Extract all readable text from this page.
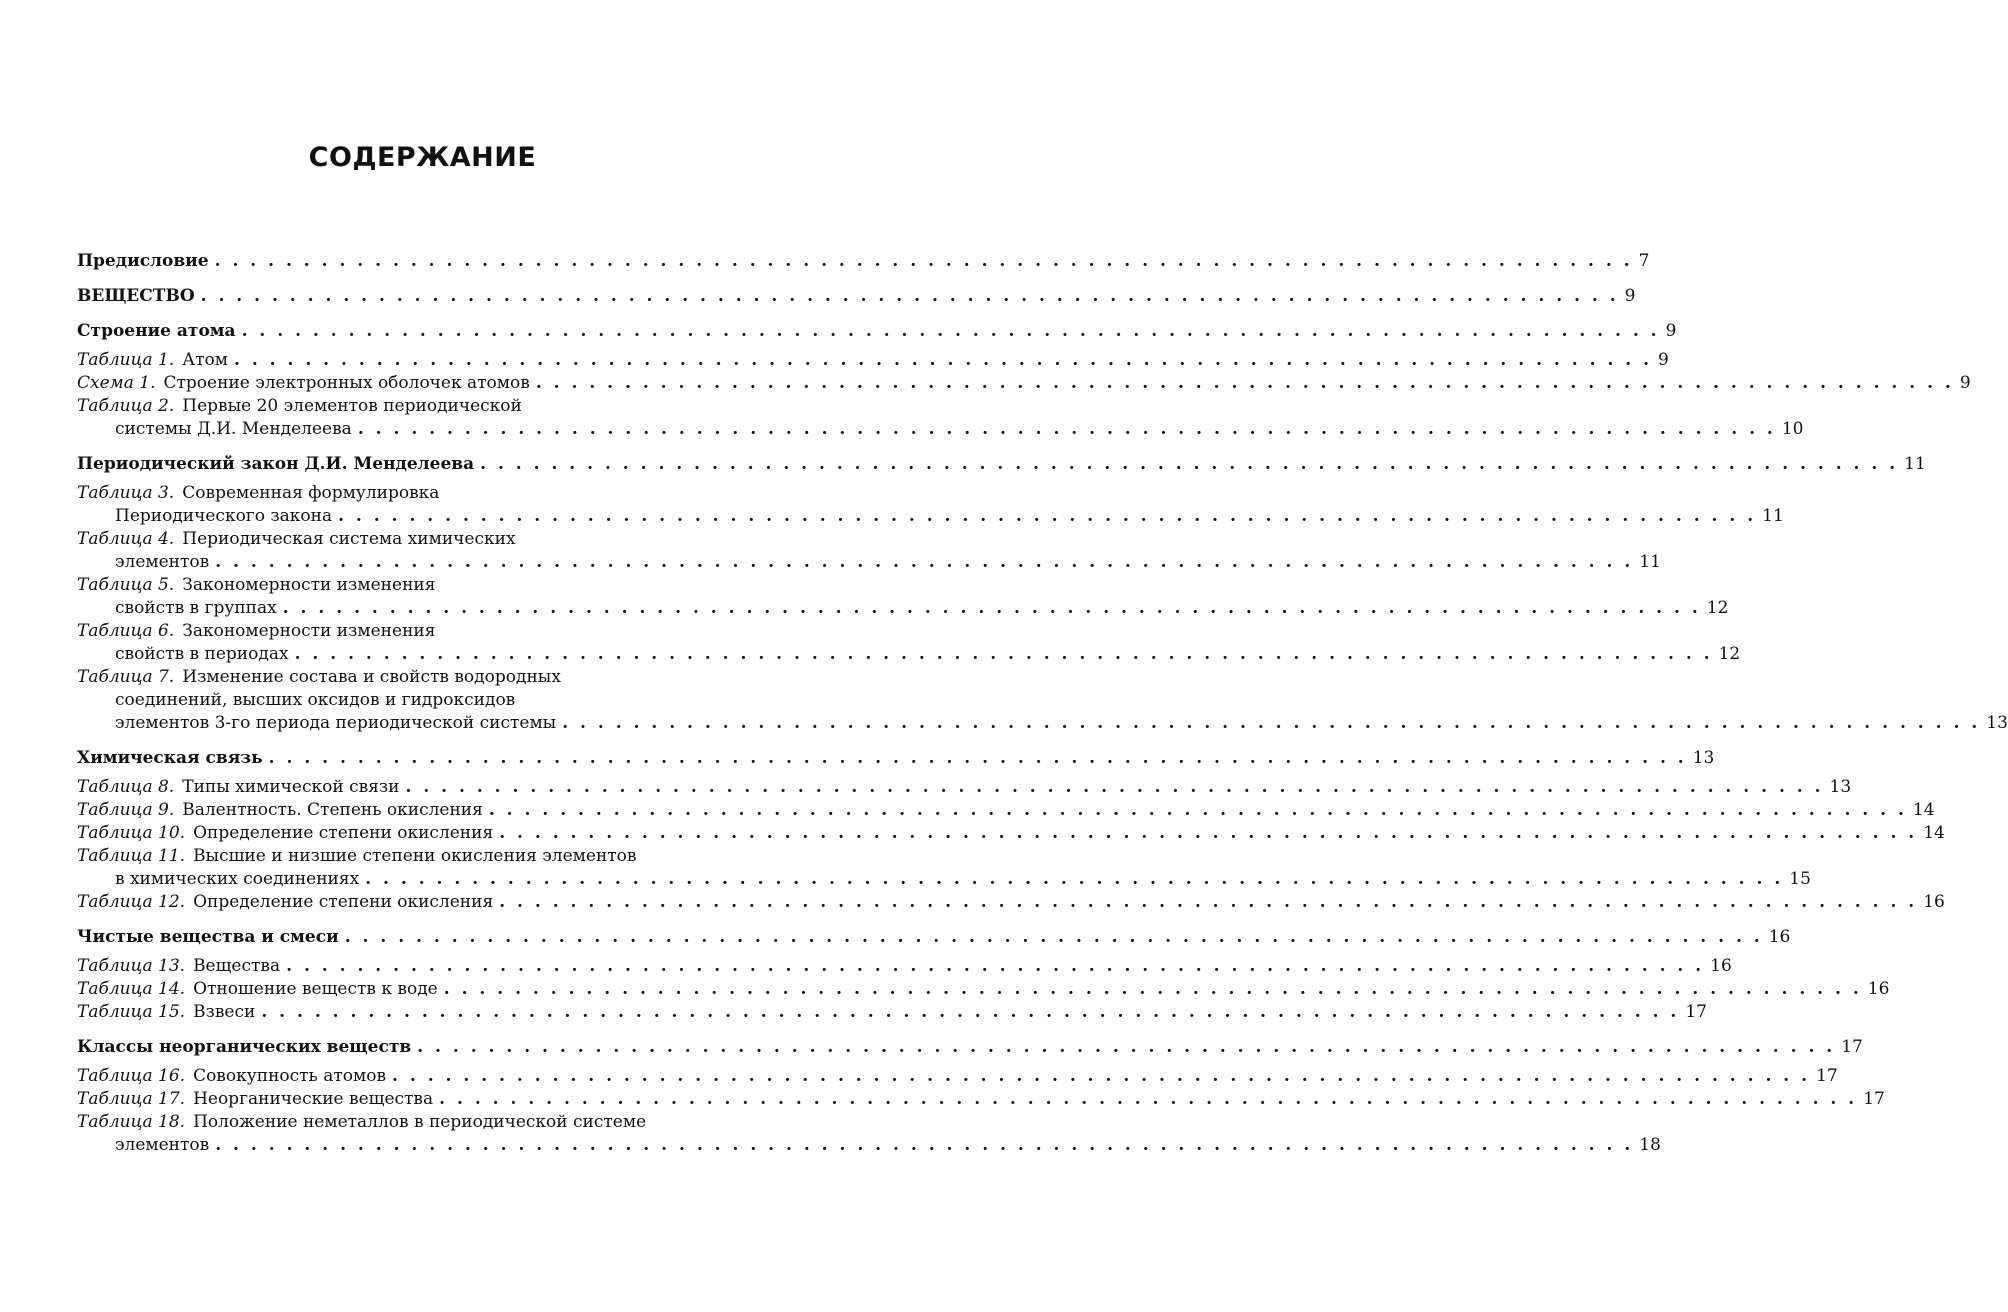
СОДЕРЖАНИЕ
Предисловие . . . . . . . . . . . . . . . . . . . . . . . . . . . . . . . . . . . . . . . . . . . . . . . . . . . . . . . . . . . . . . . . . . . . . . . . . . . . . . . . 7
ВЕЩЕСТВО . . . . . . . . . . . . . . . . . . . . . . . . . . . . . . . . . . . . . . . . . . . . . . . . . . . . . . . . . . . . . . . . . . . . . . . . . . . . . . . . 9
Строение атома . . . . . . . . . . . . . . . . . . . . . . . . . . . . . . . . . . . . . . . . . . . . . . . . . . . . . . . . . . . . . . . . . . . . . . . . . . . . . . . . 9
Таблица 1. Атом . . . . . . . . . . . . . . . . . . . . . . . . . . . . . . . . . . . . . . . . . . . . . . . . . . . . . . . . . . . . . . . . . . . . . . . . . . . . . . . . 9
Схема 1. Строение электронных оболочек атомов . . . . . . . . . . . . . . . . . . . . . . . . . . . . . . . . . . . . . . . . . . . . . . . . . . . . . . . . . . . . . . . . . . . . . . . . . . . . . . . . 9
Таблица 2. Первые 20 элементов периодической
системы Д.И. Менделеева . . . . . . . . . . . . . . . . . . . . . . . . . . . . . . . . . . . . . . . . . . . . . . . . . . . . . . . . . . . . . . . . . . . . . . . . . . . . . . . . 10
Периодический закон Д.И. Менделеева . . . . . . . . . . . . . . . . . . . . . . . . . . . . . . . . . . . . . . . . . . . . . . . . . . . . . . . . . . . . . . . . . . . . . . . . . . . . . . . . 11
Таблица 3. Современная формулировка
Периодического закона . . . . . . . . . . . . . . . . . . . . . . . . . . . . . . . . . . . . . . . . . . . . . . . . . . . . . . . . . . . . . . . . . . . . . . . . . . . . . . . . 11
Таблица 4. Периодическая система химических
элементов . . . . . . . . . . . . . . . . . . . . . . . . . . . . . . . . . . . . . . . . . . . . . . . . . . . . . . . . . . . . . . . . . . . . . . . . . . . . . . . . 11
Таблица 5. Закономерности изменения
свойств в группах . . . . . . . . . . . . . . . . . . . . . . . . . . . . . . . . . . . . . . . . . . . . . . . . . . . . . . . . . . . . . . . . . . . . . . . . . . . . . . . . 12
Таблица 6. Закономерности изменения
свойств в периодах . . . . . . . . . . . . . . . . . . . . . . . . . . . . . . . . . . . . . . . . . . . . . . . . . . . . . . . . . . . . . . . . . . . . . . . . . . . . . . . . 12
Таблица 7. Изменение состава и свойств водородных
соединений, высших оксидов и гидроксидов
элементов 3-го периода периодической системы . . . . . . . . . . . . . . . . . . . . . . . . . . . . . . . . . . . . . . . . . . . . . . . . . . . . . . . . . . . . . . . . . . . . . . . . . . . . . . . . 13
Химическая связь . . . . . . . . . . . . . . . . . . . . . . . . . . . . . . . . . . . . . . . . . . . . . . . . . . . . . . . . . . . . . . . . . . . . . . . . . . . . . . . . 13
Таблица 8. Типы химической связи . . . . . . . . . . . . . . . . . . . . . . . . . . . . . . . . . . . . . . . . . . . . . . . . . . . . . . . . . . . . . . . . . . . . . . . . . . . . . . . . 13
Таблица 9. Валентность. Степень окисления . . . . . . . . . . . . . . . . . . . . . . . . . . . . . . . . . . . . . . . . . . . . . . . . . . . . . . . . . . . . . . . . . . . . . . . . . . . . . . . . 14
Таблица 10. Определение степени окисления . . . . . . . . . . . . . . . . . . . . . . . . . . . . . . . . . . . . . . . . . . . . . . . . . . . . . . . . . . . . . . . . . . . . . . . . . . . . . . . . 14
Таблица 11. Высшие и низшие степени окисления элементов
в химических соединениях . . . . . . . . . . . . . . . . . . . . . . . . . . . . . . . . . . . . . . . . . . . . . . . . . . . . . . . . . . . . . . . . . . . . . . . . . . . . . . . . 15
Таблица 12. Определение степени окисления . . . . . . . . . . . . . . . . . . . . . . . . . . . . . . . . . . . . . . . . . . . . . . . . . . . . . . . . . . . . . . . . . . . . . . . . . . . . . . . . 16
Чистые вещества и смеси . . . . . . . . . . . . . . . . . . . . . . . . . . . . . . . . . . . . . . . . . . . . . . . . . . . . . . . . . . . . . . . . . . . . . . . . . . . . . . . . 16
Таблица 13. Вещества . . . . . . . . . . . . . . . . . . . . . . . . . . . . . . . . . . . . . . . . . . . . . . . . . . . . . . . . . . . . . . . . . . . . . . . . . . . . . . . . 16
Таблица 14. Отношение веществ к воде . . . . . . . . . . . . . . . . . . . . . . . . . . . . . . . . . . . . . . . . . . . . . . . . . . . . . . . . . . . . . . . . . . . . . . . . . . . . . . . . 16
Таблица 15. Взвеси . . . . . . . . . . . . . . . . . . . . . . . . . . . . . . . . . . . . . . . . . . . . . . . . . . . . . . . . . . . . . . . . . . . . . . . . . . . . . . . . 17
Классы неорганических веществ . . . . . . . . . . . . . . . . . . . . . . . . . . . . . . . . . . . . . . . . . . . . . . . . . . . . . . . . . . . . . . . . . . . . . . . . . . . . . . . . 17
Таблица 16. Совокупность атомов . . . . . . . . . . . . . . . . . . . . . . . . . . . . . . . . . . . . . . . . . . . . . . . . . . . . . . . . . . . . . . . . . . . . . . . . . . . . . . . . 17
Таблица 17. Неорганические вещества . . . . . . . . . . . . . . . . . . . . . . . . . . . . . . . . . . . . . . . . . . . . . . . . . . . . . . . . . . . . . . . . . . . . . . . . . . . . . . . . 17
Таблица 18. Положение неметаллов в периодической системе
элементов . . . . . . . . . . . . . . . . . . . . . . . . . . . . . . . . . . . . . . . . . . . . . . . . . . . . . . . . . . . . . . . . . . . . . . . . . . . . . . . . 18
